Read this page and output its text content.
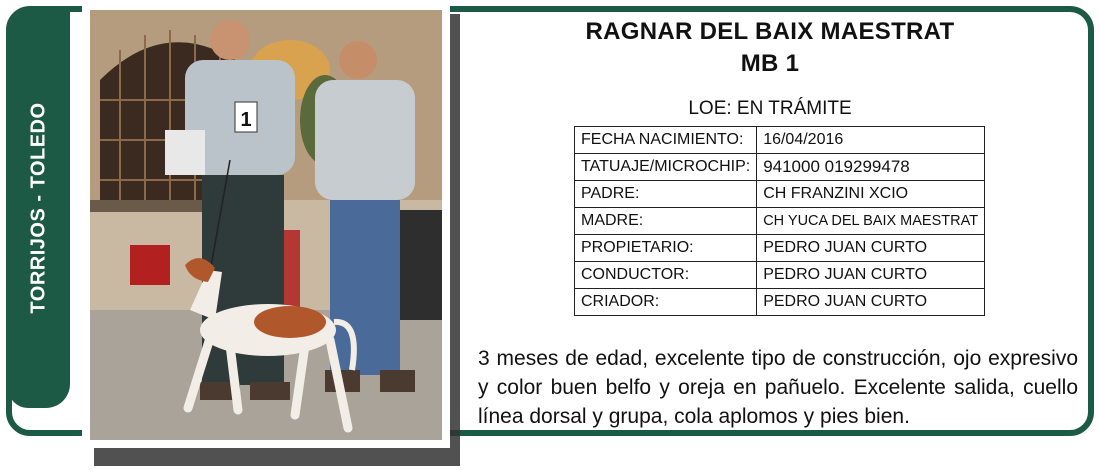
TORRIJOS - TOLEDO	1
RAGNAR DEL BAIX MAESTRAT
MB 1
LOE: EN TRÁMITE
FECHA NACIMIENTO:	16/04/2016
TATUAJE/MICROCHIP:	941000 019299478
PADRE:	CH FRANZINI XCIO
MADRE:	CH YUCA DEL BAIX MAESTRAT
PROPIETARIO:	PEDRO JUAN CURTO
CONDUCTOR:	PEDRO JUAN CURTO
CRIADOR:	PEDRO JUAN CURTO
3 meses de edad, excelente tipo de construcción, ojo expresivo y color buen belfo y oreja en pañuelo. Excelente salida, cuello línea dorsal y grupa, cola aplomos y pies bien.
